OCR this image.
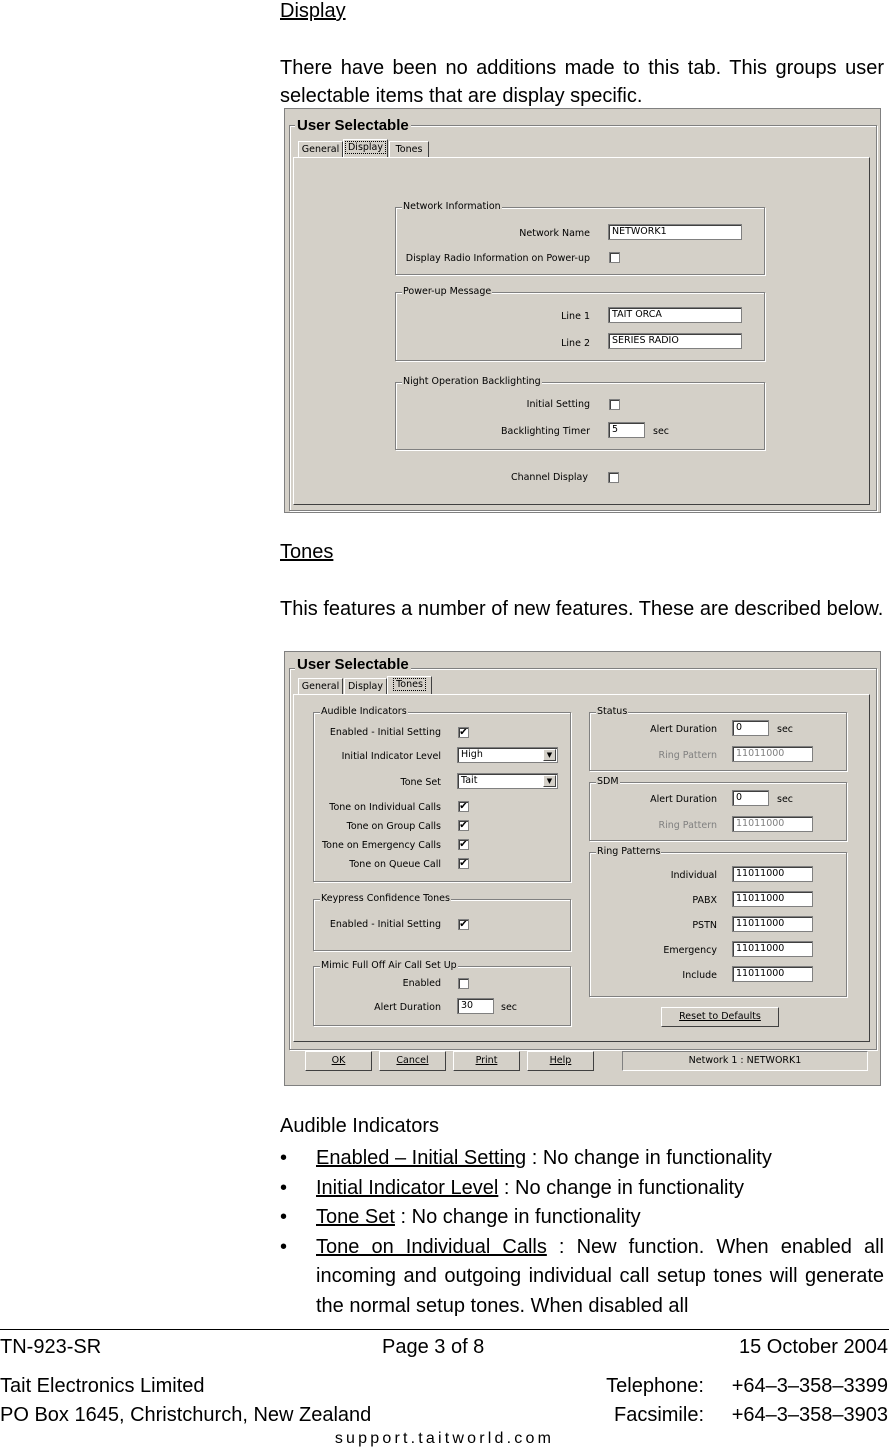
Display
There have been no additions made to this tab. This groups user selectable items that are display specific.
User Selectable
General Display	Tones
Network Information
Network Name	NETWORK1
Display Radio Information on Power-up
Power-up Message
Line 1	TAIT ORCA
Line 2	SERIES RADIO
Night Operation Backlighting
Initial Setting
Backlighting Timer	5	sec
Channel Display
Tones
This features a number of new features. These are described below.
User Selectable
General Display	Tones
Audible Indicators
Enabled - Initial Setting ✔
Initial Indicator Level	High	▼
Tone Set	Tait	▼
Tone on Individual Calls ✔
Tone on Group Calls ✔
Tone on Emergency Calls ✔
Tone on Queue Call ✔
Keypress Confidence Tones
Enabled - Initial Setting ✔
Mimic Full Off Air Call Set Up
Enabled
Alert Duration	30	sec
Status
Alert Duration	0	sec
Ring Pattern	11011000
SDM
Alert Duration	0	sec
Ring Pattern	11011000
Ring Patterns
Individual	11011000
PABX	11011000
PSTN	11011000
Emergency	11011000
Include	11011000
Reset to Defaults
OK	Cancel	Print	Help	Network 1 : NETWORK1
Audible Indicators
• Enabled – Initial Setting : No change in functionality
• Initial Indicator Level : No change in functionality
• Tone Set : No change in functionality
• Tone on Individual Calls : New function. When enabled all incoming and outgoing individual call setup tones will generate the normal setup tones. When disabled all
TN-923-SR	Page 3 of 8	15 October 2004
Tait Electronics Limited
PO Box 1645, Christchurch, New Zealand
Telephone: +64–3–358–3399
Facsimile: +64–3–358–3903
support.taitworld.com
